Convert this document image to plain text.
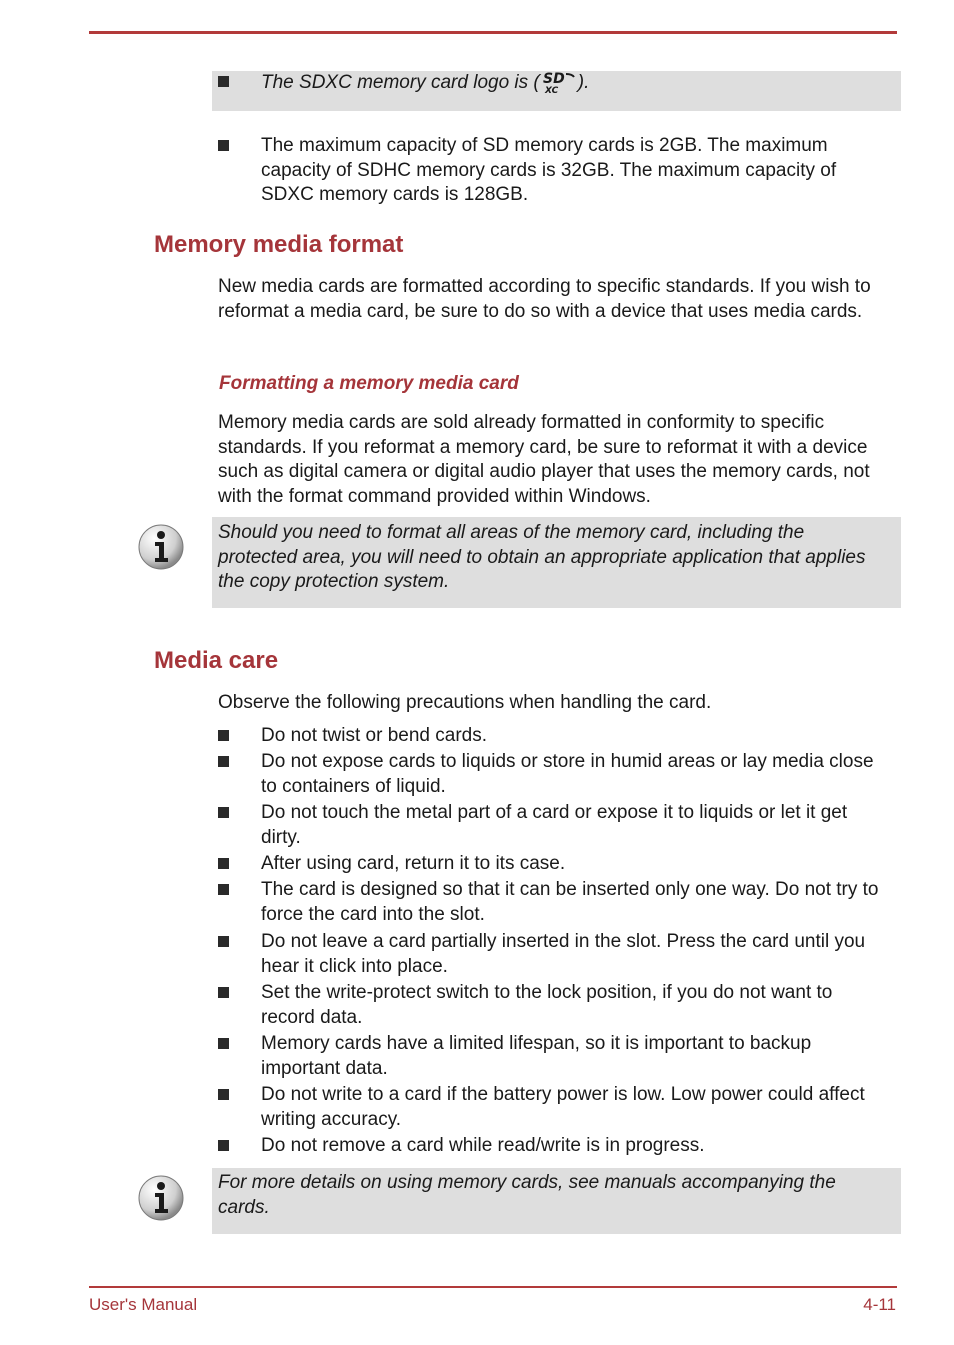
The SDXC memory card logo is ( SD
XC ).
The maximum capacity of SD memory cards is 2GB. The maximum capacity of SDHC memory cards is 32GB. The maximum capacity of SDXC memory cards is 128GB.
Memory media format
New media cards are formatted according to specific standards. If you wish to reformat a media card, be sure to do so with a device that uses media cards.
Formatting a memory media card
Memory media cards are sold already formatted in conformity to specific standards. If you reformat a memory card, be sure to reformat it with a device such as digital camera or digital audio player that uses the memory cards, not with the format command provided within Windows.
Should you need to format all areas of the memory card, including the protected area, you will need to obtain an appropriate application that applies the copy protection system.
Media care
Observe the following precautions when handling the card.
Do not twist or bend cards.
Do not expose cards to liquids or store in humid areas or lay media close to containers of liquid.
Do not touch the metal part of a card or expose it to liquids or let it get dirty.
After using card, return it to its case.
The card is designed so that it can be inserted only one way. Do not try to force the card into the slot.
Do not leave a card partially inserted in the slot. Press the card until you hear it click into place.
Set the write-protect switch to the lock position, if you do not want to record data.
Memory cards have a limited lifespan, so it is important to backup important data.
Do not write to a card if the battery power is low. Low power could affect writing accuracy.
Do not remove a card while read/write is in progress.
For more details on using memory cards, see manuals accompanying the cards.
User's Manual	4-11
